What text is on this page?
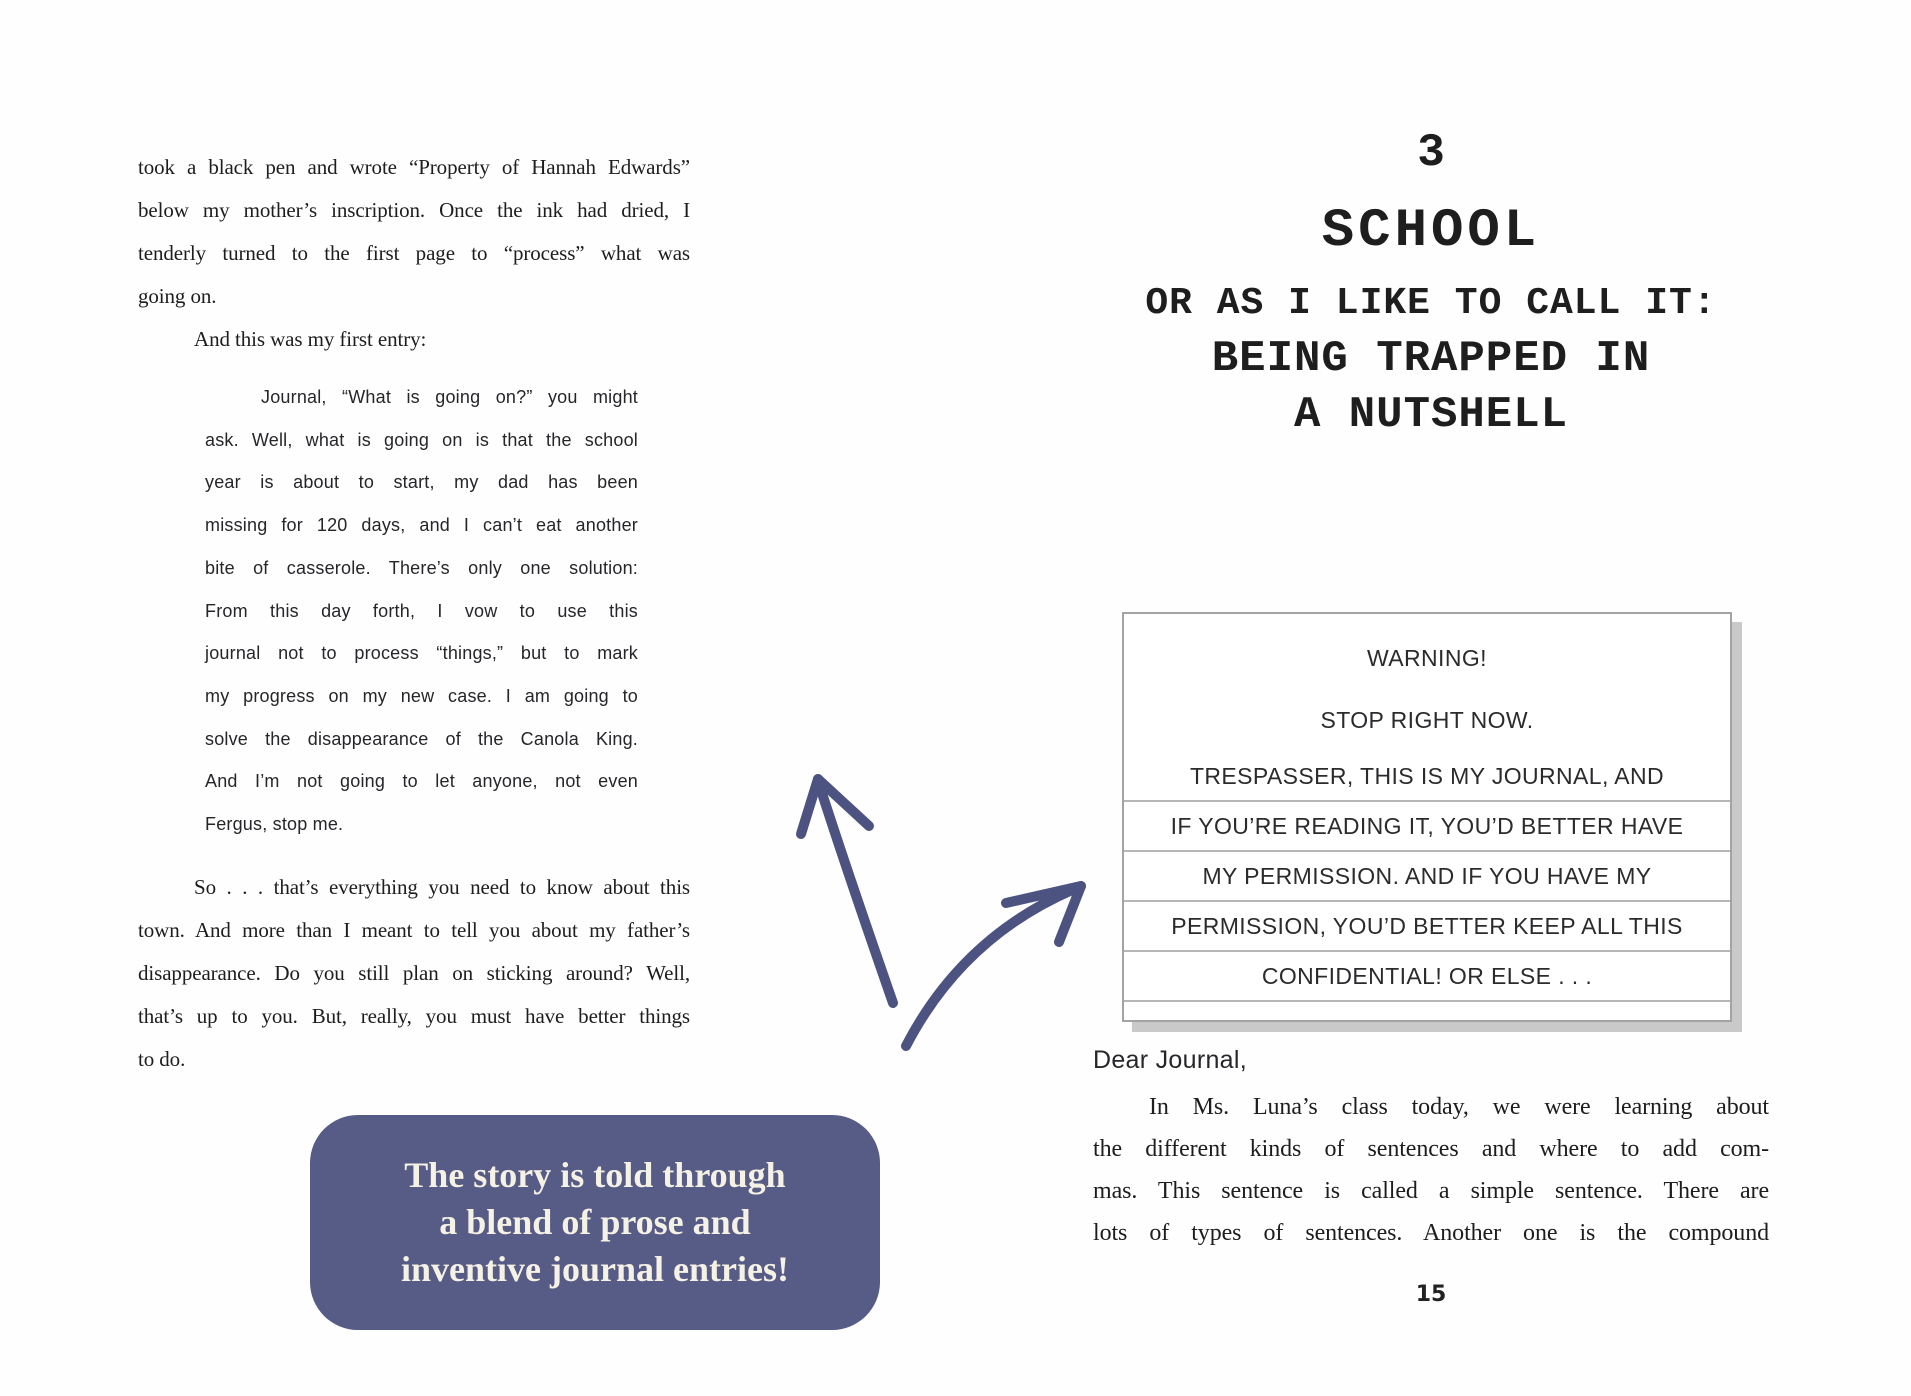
took a black pen and wrote “Property of Hannah Edwards”
below my mother’s inscription. Once the ink had dried, I
tenderly turned to the first page to “process” what was
going on.
And this was my first entry:
Journal, “What is going on?” you might
ask. Well, what is going on is that the school
year is about to start, my dad has been
missing for 120 days, and I can’t eat another
bite of casserole. There’s only one solution:
From this day forth, I vow to use this
journal not to process “things,” but to mark
my progress on my new case. I am going to
solve the disappearance of the Canola King.
And I’m not going to let anyone, not even
Fergus, stop me.
So . . . that’s everything you need to know about this
town. And more than I meant to tell you about my father’s
disappearance. Do you still plan on sticking around? Well,
that’s up to you. But, really, you must have better things
to do.
The story is told through
a blend of prose and
inventive journal entries!
3
SCHOOL
OR AS I LIKE TO CALL IT:
BEING TRAPPED IN
A NUTSHELL
WARNING!
STOP RIGHT NOW.
TRESPASSER, THIS IS MY JOURNAL, AND
IF YOU’RE READING IT, YOU’D BETTER HAVE
MY PERMISSION. AND IF YOU HAVE MY
PERMISSION, YOU’D BETTER KEEP ALL THIS
CONFIDENTIAL! OR ELSE . . .
Dear Journal,
In Ms. Luna’s class today, we were learning about
the different kinds of sentences and where to add com-
mas. This sentence is called a simple sentence. There are
lots of types of sentences. Another one is the compound
15
